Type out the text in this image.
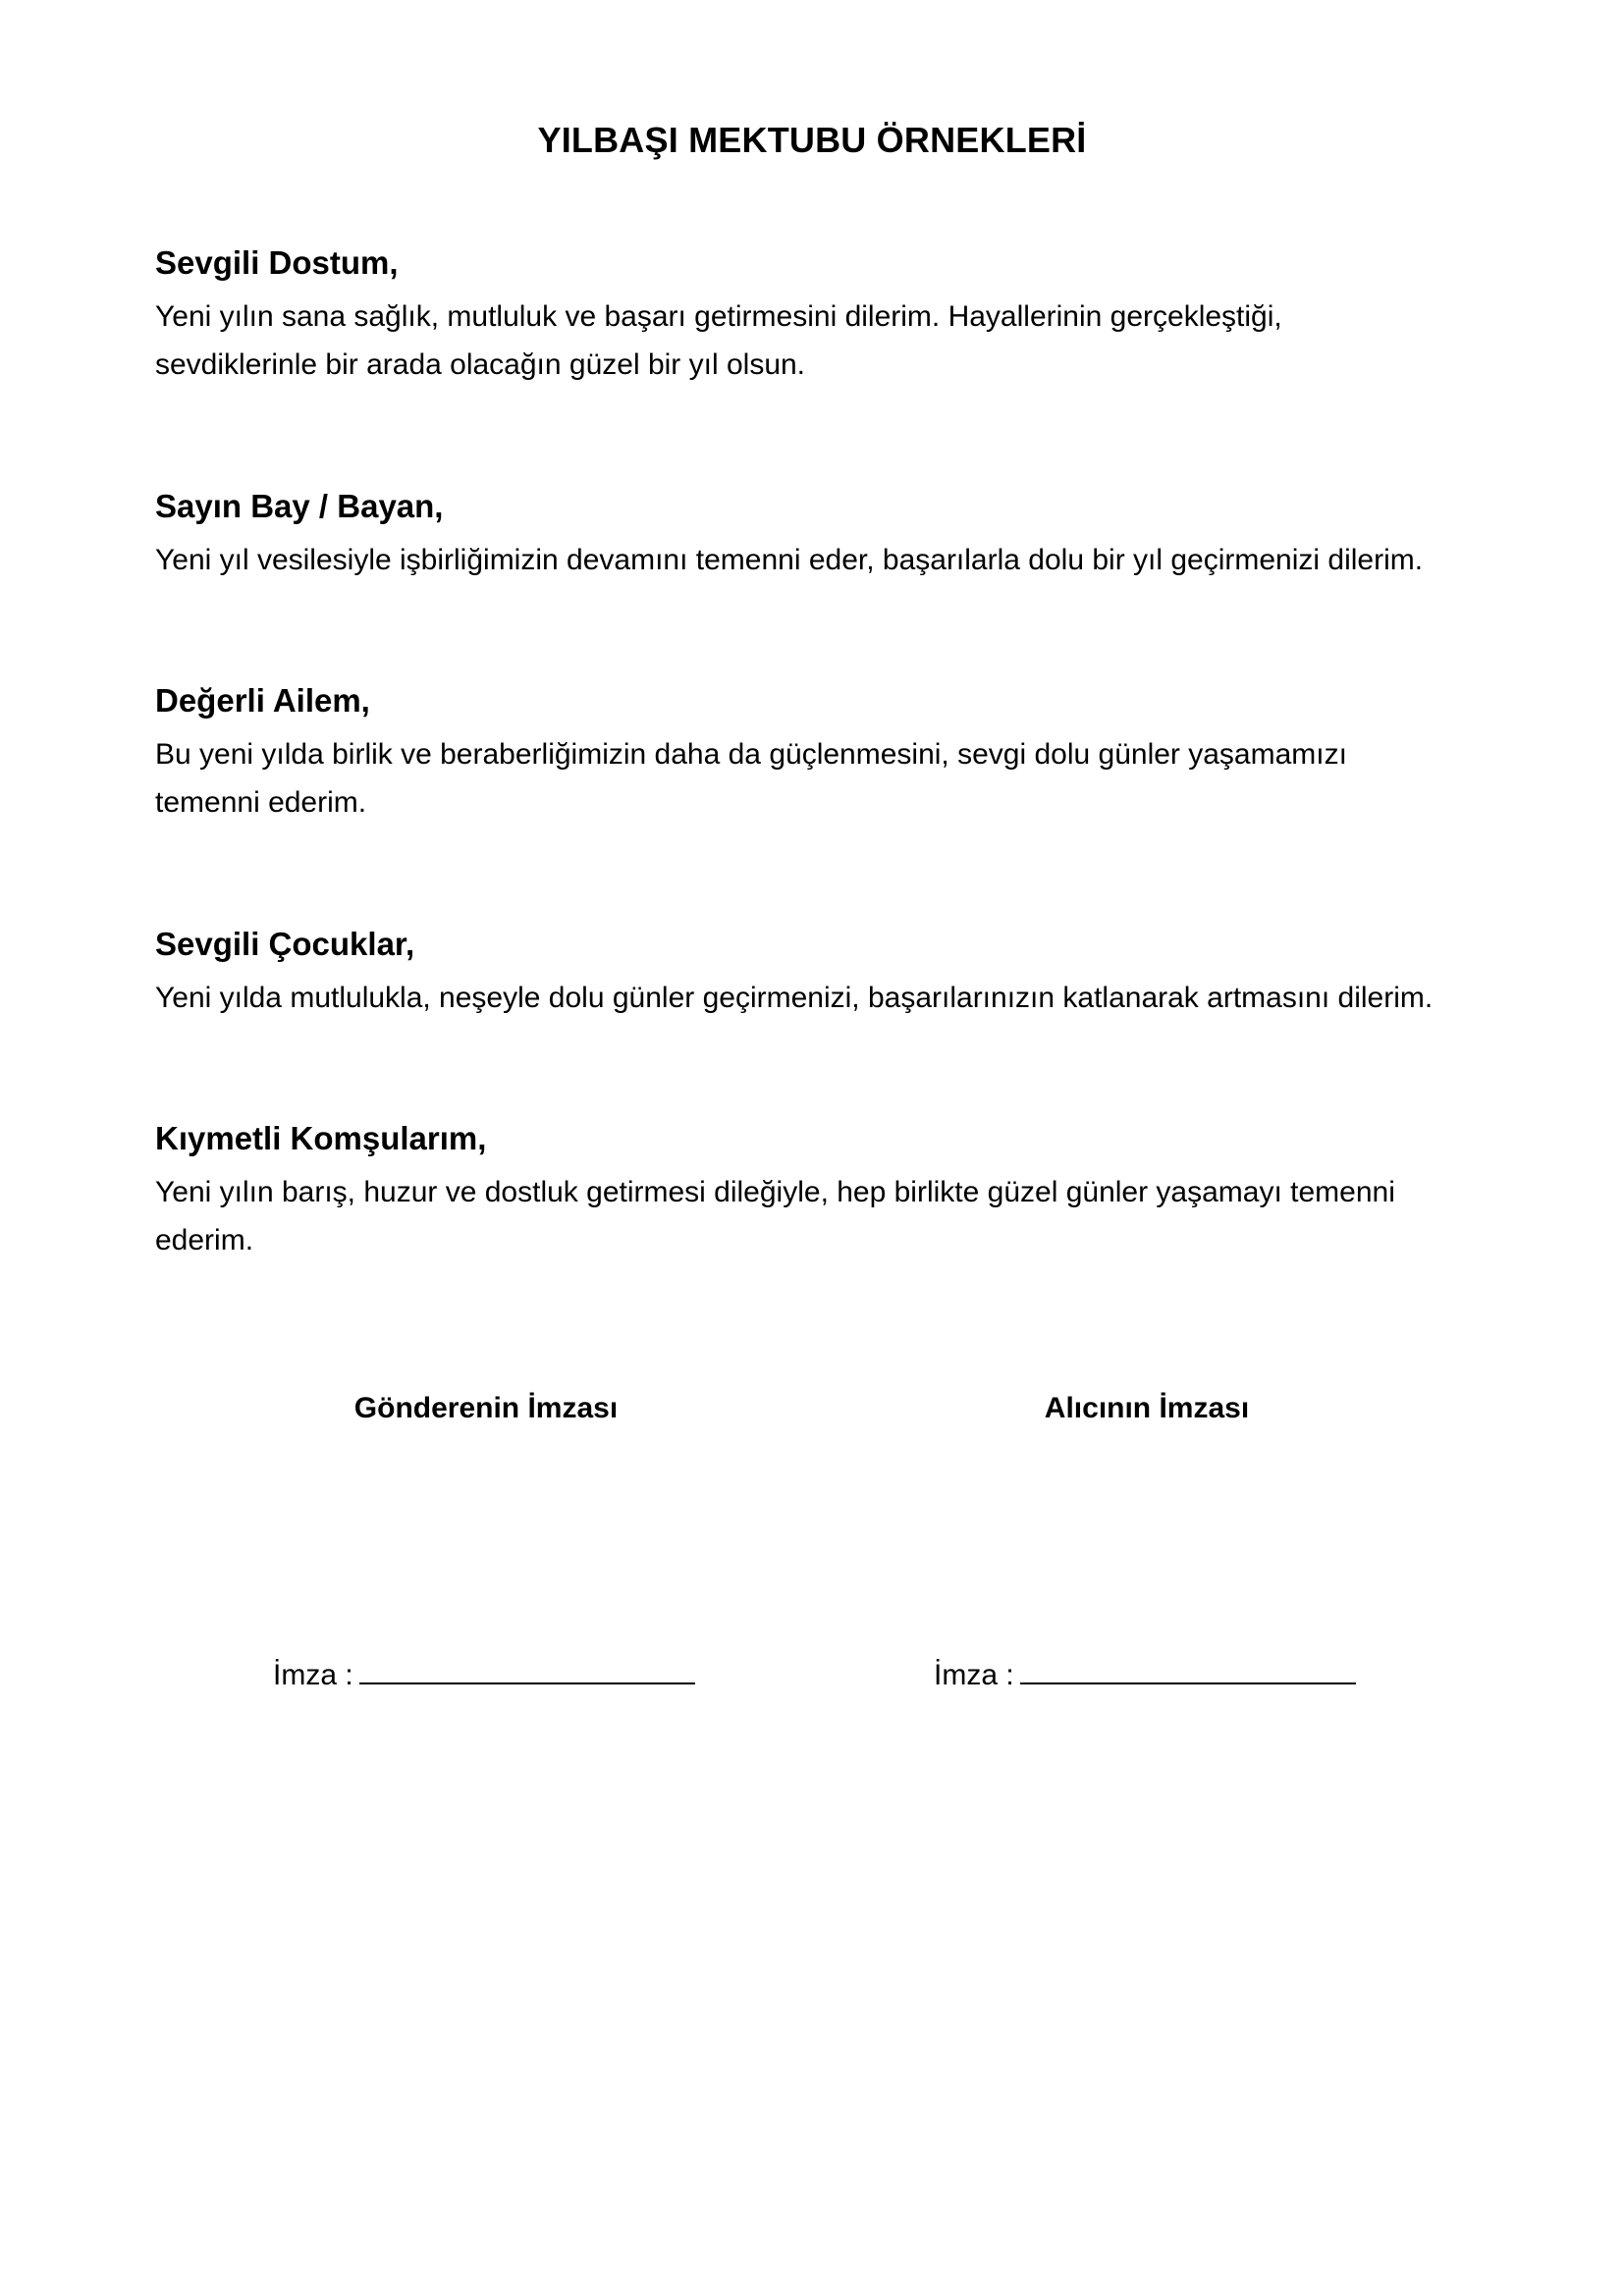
YILBAŞI MEKTUBU ÖRNEKLERİ
Sevgili Dostum,

Yeni yılın sana sağlık, mutluluk ve başarı getirmesini dilerim. Hayallerinin gerçekleştiği, sevdiklerinle bir arada olacağın güzel bir yıl olsun.

Sayın Bay / Bayan,

Yeni yıl vesilesiyle işbirliğimizin devamını temenni eder, başarılarla dolu bir yıl geçirmenizi dilerim.

Değerli Ailem,

Bu yeni yılda birlik ve beraberliğimizin daha da güçlenmesini, sevgi dolu günler yaşamamızı temenni ederim.

Sevgili Çocuklar,

Yeni yılda mutlulukla, neşeyle dolu günler geçirmenizi, başarılarınızın katlanarak artmasını dilerim.

Kıymetli Komşularım,

Yeni yılın barış, huzur ve dostluk getirmesi dileğiyle, hep birlikte güzel günler yaşamayı temenni ederim.

Gönderenin İmzası	Alıcının İmzası
İmza :	İmza :
